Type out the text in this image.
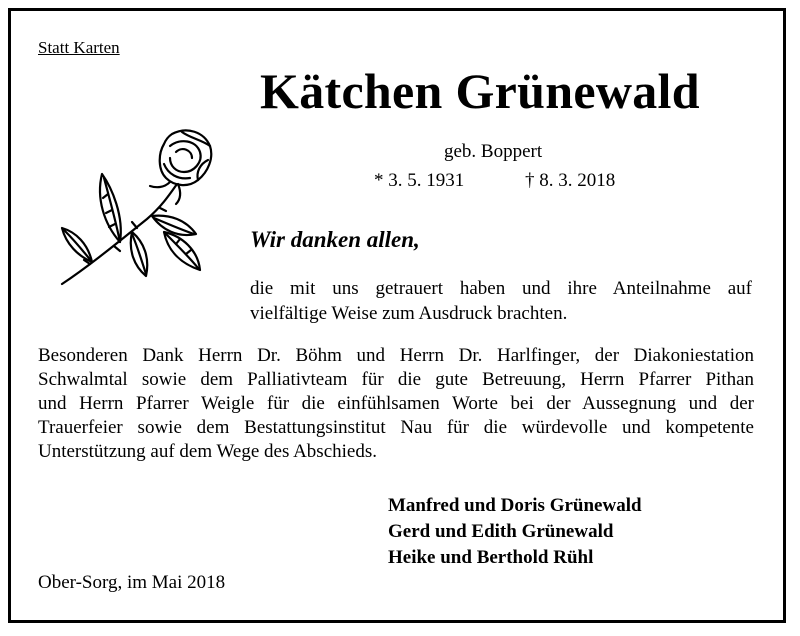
Statt Karten
Kätchen Grünewald
geb. Boppert
* 3. 5. 1931	† 8. 3. 2018
Wir danken allen,
die mit uns getrauert haben und ihre Anteilnahme auf
vielfältige Weise zum Ausdruck brachten.
Besonderen Dank Herrn Dr. Böhm und Herrn Dr. Harlfinger, der Diakoniestation
Schwalmtal sowie dem Palliativteam für die gute Betreuung, Herrn Pfarrer Pithan
und Herrn Pfarrer Weigle für die einfühlsamen Worte bei der Aussegnung und der
Trauerfeier sowie dem Bestattungsinstitut Nau für die würdevolle und kompetente
Unterstützung auf dem Wege des Abschieds.
Manfred und Doris Grünewald
Gerd und Edith Grünewald
Heike und Berthold Rühl
Ober-Sorg, im Mai 2018
